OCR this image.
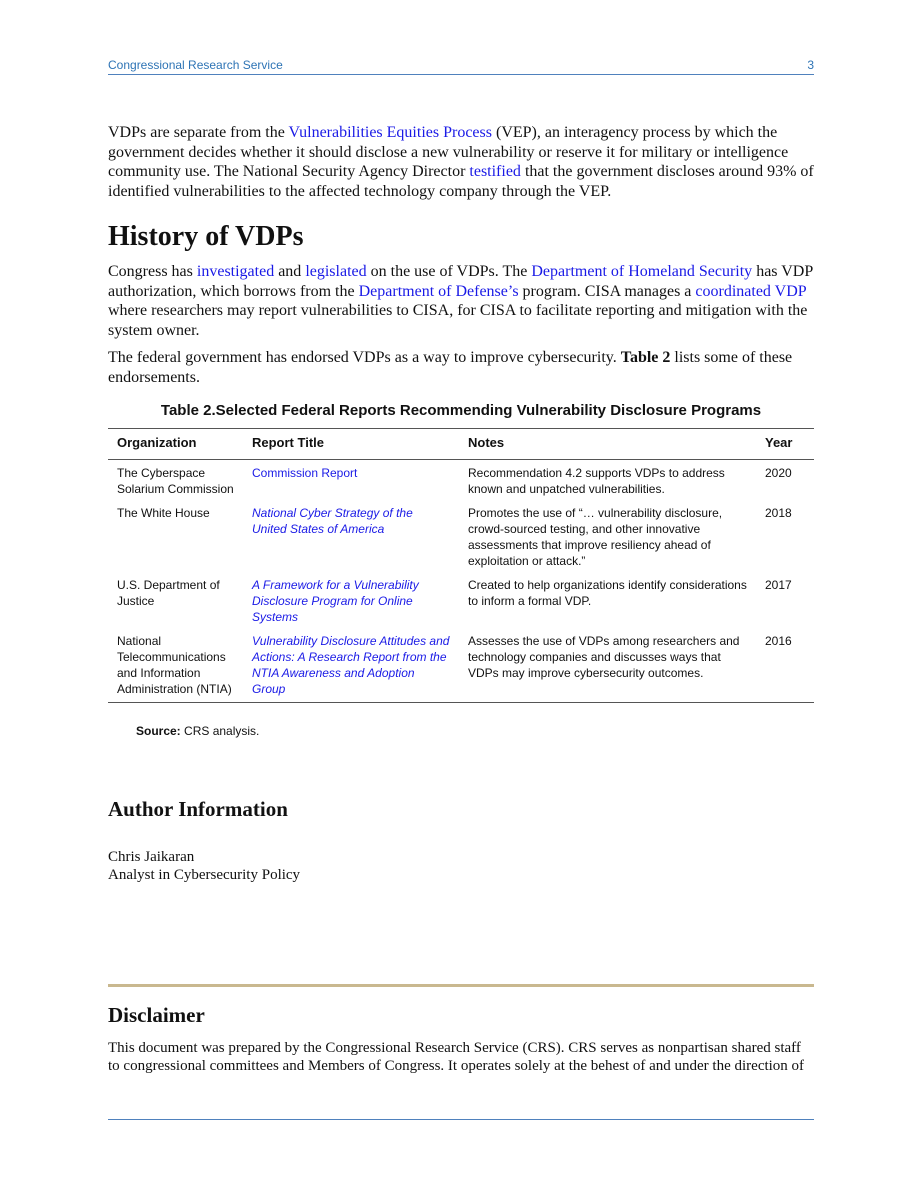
Congressional Research Service	3

VDPs are separate from the Vulnerabilities Equities Process (VEP), an interagency process by which the government decides whether it should disclose a new vulnerability or reserve it for military or intelligence community use. The National Security Agency Director testified that the government discloses around 93% of identified vulnerabilities to the affected technology company through the VEP.

History of VDPs

Congress has investigated and legislated on the use of VDPs. The Department of Homeland Security has VDP authorization, which borrows from the Department of Defense’s program. CISA manages a coordinated VDP where researchers may report vulnerabilities to CISA, for CISA to facilitate reporting and mitigation with the system owner.

The federal government has endorsed VDPs as a way to improve cybersecurity. Table 2 lists some of these endorsements.

Table 2.Selected Federal Reports Recommending Vulnerability Disclosure Programs
Organization	Report Title	Notes	Year
The Cyberspace Solarium Commission	Commission Report	Recommendation 4.2 supports VDPs to address known and unpatched vulnerabilities.	2020
The White House	National Cyber Strategy of the United States of America	Promotes the use of “… vulnerability disclosure, crowd-sourced testing, and other innovative assessments that improve resiliency ahead of exploitation or attack.”	2018
U.S. Department of Justice	A Framework for a Vulnerability Disclosure Program for Online Systems	Created to help organizations identify considerations to inform a formal VDP.	2017
National Telecommunications and Information Administration (NTIA)	Vulnerability Disclosure Attitudes and Actions: A Research Report from the NTIA Awareness and Adoption Group	Assesses the use of VDPs among researchers and technology companies and discusses ways that VDPs may improve cybersecurity outcomes.	2016
Source: CRS analysis.
Author Information

Chris Jaikaran

Analyst in Cybersecurity Policy

Disclaimer

This document was prepared by the Congressional Research Service (CRS). CRS serves as nonpartisan shared staff to congressional committees and Members of Congress. It operates solely at the behest of and under the direction of
